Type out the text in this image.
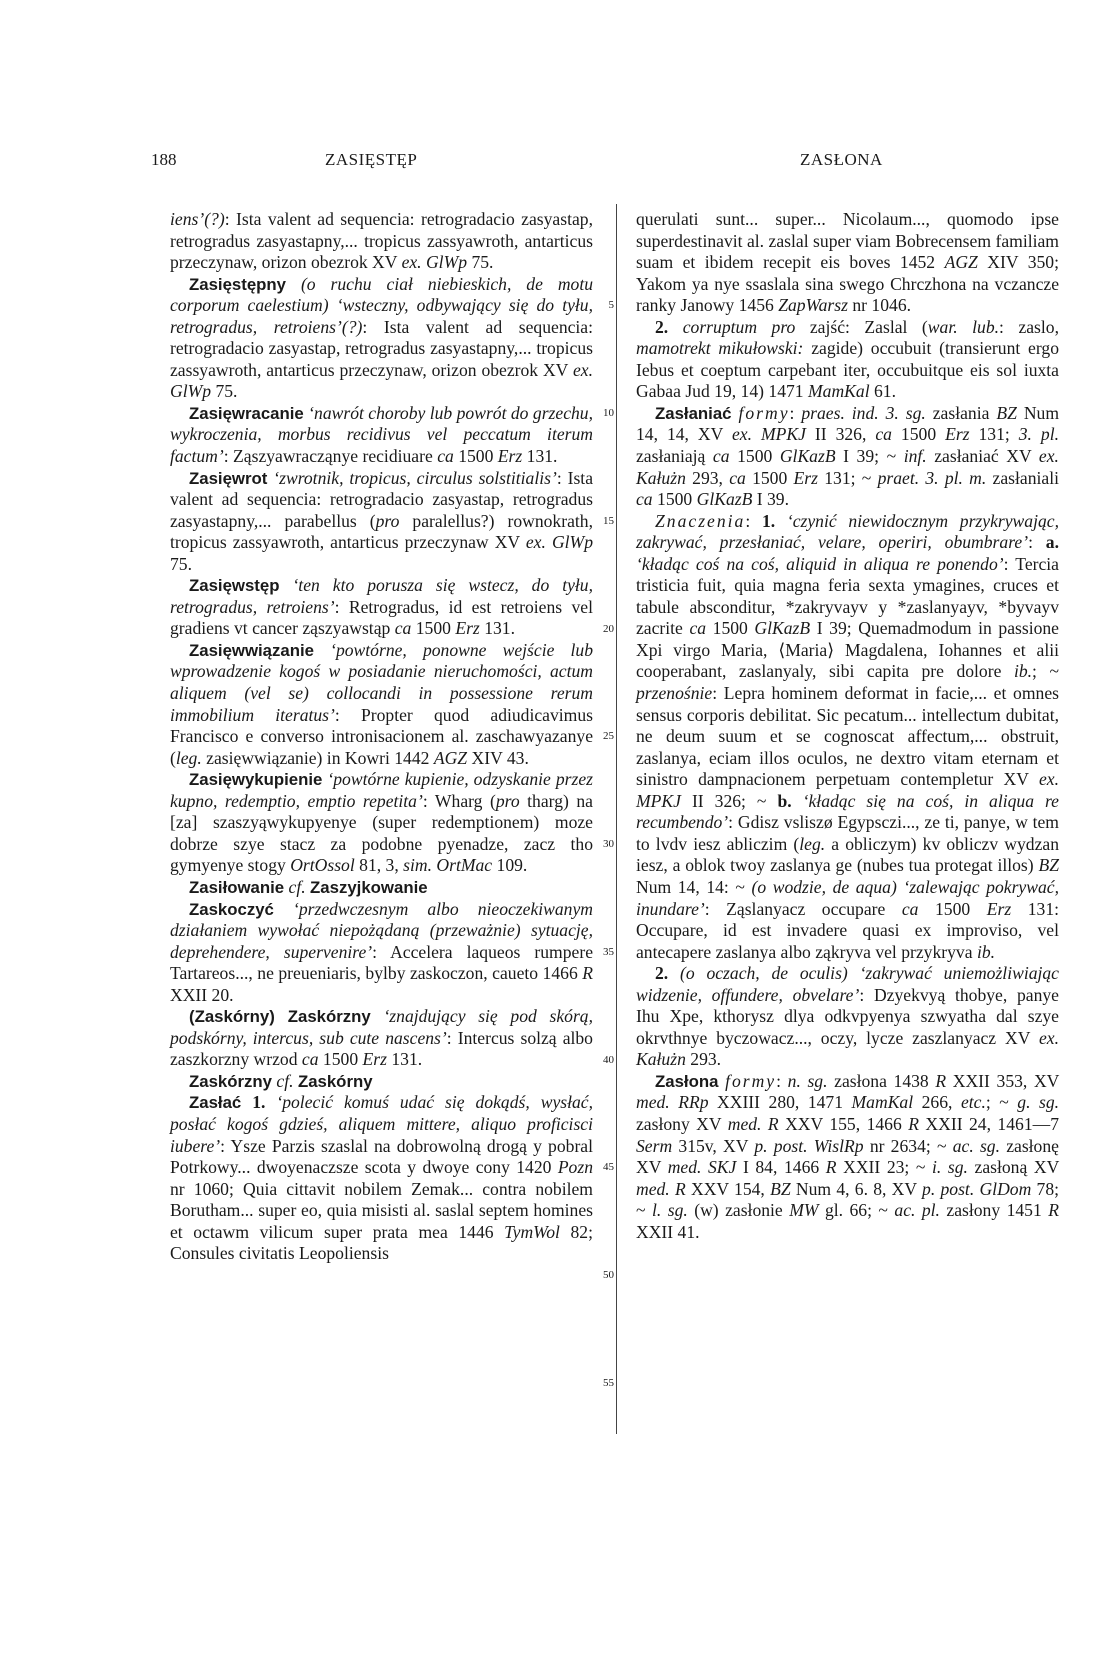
188	ZASIĘSTĘP	ZASŁONA

iens’(?): Ista valent ad sequencia: retrogradacio zasyastap, retrogradus zasyastapny,... tropicus zassyawroth, antarticus przeczynaw, orizon obezrok XV ex. GlWp 75.

Zasięstępny (o ruchu ciał niebieskich, de motu corporum caelestium) ‘wsteczny, odbywający się do tyłu, retrogradus, retroiens’(?): Ista valent ad sequencia: retrogradacio zasyastap, retrogradus zasyastapny,... tropicus zassyawroth, antarticus przeczynaw, orizon obezrok XV ex. GlWp 75.

Zasięwracanie ‘nawrót choroby lub powrót do grzechu, wykroczenia, morbus recidivus vel peccatum iterum factum’: Ząszyawracząnye recidiuare ca 1500 Erz 131.

Zasięwrot ‘zwrotnik, tropicus, circulus solstitialis’: Ista valent ad sequencia: retrogradacio zasyastap, retrogradus zasyastapny,... parabellus (pro paralellus?) rownokrath, tropicus zassyawroth, antarticus przeczynaw XV ex. GlWp 75.

Zasięwstęp ‘ten kto porusza się wstecz, do tyłu, retrogradus, retroiens’: Retrogradus, id est retroiens vel gradiens vt cancer ząszyawstąp ca 1500 Erz 131.

Zasięwwiązanie ‘powtórne, ponowne wejście lub wprowadzenie kogoś w posiadanie nieruchomości, actum aliquem (vel se) collocandi in possessione rerum immobilium iteratus’: Propter quod adiudicavimus Francisco e converso intronisacionem al. zaschawyazanye (leg. zasięwwiązanie) in Kowri 1442 AGZ XIV 43.

Zasięwykupienie ‘powtórne kupienie, odzyskanie przez kupno, redemptio, emptio repetita’: Wharg (pro tharg) na [za] szaszyąwykupyenye (super redemptionem) moze dobrze szye stacz za podobne pyenadze, zacz tho gymyenye stogy OrtOssol 81, 3, sim. OrtMac 109.

Zasiłowanie cf. Zaszyjkowanie

Zaskoczyć ‘przedwczesnym albo nieoczekiwanym działaniem wywołać niepożądaną (przeważnie) sytuację, deprehendere, supervenire’: Accelera laqueos rumpere Tartareos..., ne preueniaris, bylby zaskoczon, caueto 1466 R XXII 20.

(Zaskórny) Zaskórzny ‘znajdujący się pod skórą, podskórny, intercus, sub cute nascens’: Intercus solzą albo zaszkorzny wrzod ca 1500 Erz 131.

Zaskórzny cf. Zaskórny

Zasłać 1. ‘polecić komuś udać się dokądś, wysłać, posłać kogoś gdzieś, aliquem mittere, aliquo proficisci iubere’: Ysze Parzis szaslal na dobrowolną drogą y pobral Potrkowy... dwoyenaczsze scota y dwoye cony 1420 Pozn nr 1060; Quia cittavit nobilem Zemak... contra nobilem Borutham... super eo, quia misisti al. saslal septem homines et octawm vilicum super prata mea 1446 TymWol 82; Consules civitatis Leopoliensis

5
10
15
20
25
30
35
40
45
50
55

querulati sunt... super... Nicolaum..., quomodo ipse superdestinavit al. zaslal super viam Bobrecensem familiam suam et ibidem recepit eis boves 1452 AGZ XIV 350; Yakom ya nye ssaslala sina swego Chrczhona na vczancze ranky Janowy 1456 ZapWarsz nr 1046.

2. corruptum pro zajść: Zaslal (war. lub.: zaslo, mamotrekt mikułowski: zagide) occubuit (transierunt ergo Iebus et coeptum carpebant iter, occubuitque eis sol iuxta Gabaa Jud 19, 14) 1471 MamKal 61.

Zasłaniać formy: praes. ind. 3. sg. zasłania BZ Num 14, 14, XV ex. MPKJ II 326, ca 1500 Erz 131; 3. pl. zasłaniają ca 1500 GlKazB I 39; ~ inf. zasłaniać XV ex. Kałużn 293, ca 1500 Erz 131; ~ praet. 3. pl. m. zasłaniali ca 1500 GlKazB I 39.

Znaczenia: 1. ‘czynić niewidocznym przykrywając, zakrywać, przesłaniać, velare, operiri, obumbrare’: a. ‘kładąc coś na coś, aliquid in aliqua re ponendo’: Tercia tristicia fuit, quia magna feria sexta ymagines, cruces et tabule absconditur, *zakryvayv y *zaslanyayv, *byvayv zacrite ca 1500 GlKazB I 39; Quemadmodum in passione Xpi virgo Maria, ⟨Maria⟩ Magdalena, Iohannes et alii cooperabant, zaslanyaly, sibi capita pre dolore ib.; ~ przenośnie: Lepra hominem deformat in facie,... et omnes sensus corporis debilitat. Sic pecatum... intellectum dubitat, ne deum suum et se cognoscat affectum,... obstruit, zaslanya, eciam illos oculos, ne dextro vitam eternam et sinistro dampnacionem perpetuam contempletur XV ex. MPKJ II 326; ~ b. ‘kładąc się na coś, in aliqua re recumbendo’: Gdisz vsliszø Egypsczi..., ze ti, panye, w tem to lvdv iesz abliczim (leg. a obliczym) kv obliczv wydzan iesz, a oblok twoy zaslanya ge (nubes tua protegat illos) BZ Num 14, 14: ~ (o wodzie, de aqua) ‘zalewając pokrywać, inundare’: Ząslanyacz occupare ca 1500 Erz 131: Occupare, id est invadere quasi ex improviso, vel antecapere zaslanya albo ząkryva vel przykryva ib.

2. (o oczach, de oculis) ‘zakrywać uniemożliwiając widzenie, offundere, obvelare’: Dzyekvyą thobye, panye Ihu Xpe, kthorysz dlya odkvpyenya szwyatha dal szye okrvthnye byczowacz..., oczy, lycze zaszlanyacz XV ex. Kałużn 293.

Zasłona formy: n. sg. zasłona 1438 R XXII 353, XV med. RRp XXIII 280, 1471 MamKal 266, etc.; ~ g. sg. zasłony XV med. R XXV 155, 1466 R XXII 24, 1461—7 Serm 315v, XV p. post. WislRp nr 2634; ~ ac. sg. zasłonę XV med. SKJ I 84, 1466 R XXII 23; ~ i. sg. zasłoną XV med. R XXV 154, BZ Num 4, 6. 8, XV p. post. GlDom 78; ~ l. sg. (w) zasłonie MW gl. 66; ~ ac. pl. zasłony 1451 R XXII 41.
